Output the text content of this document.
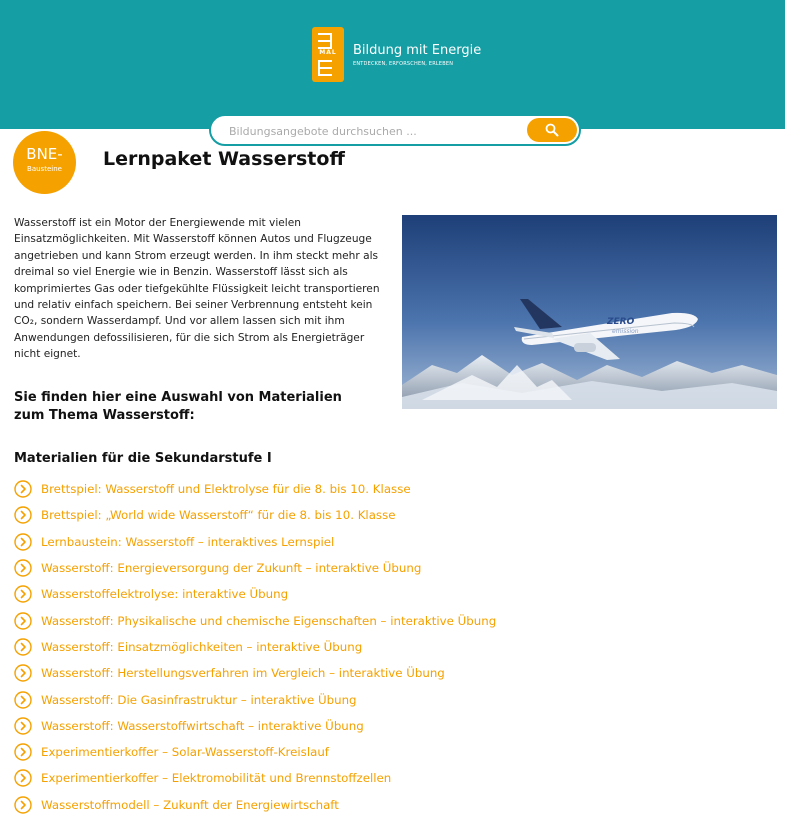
MAL	Bildung mit Energie
ENTDECKEN, ERFORSCHEN, ERLEBEN
Bildungsangebote durchsuchen ...
BNE-
Bausteine	Lernpaket Wasserstoff

Wasserstoff ist ein Motor der Energiewende mit vielen Einsatzmöglichkeiten. Mit Wasserstoff können Autos und Flugzeuge angetrieben und kann Strom erzeugt werden. In ihm steckt mehr als dreimal so viel Energie wie in Benzin. Wasserstoff lässt sich als komprimiertes Gas oder tiefgekühlte Flüssigkeit leicht transportieren und relativ einfach speichern. Bei seiner Verbrennung entsteht kein CO₂, sondern Wasserdampf. Und vor allem lassen sich mit ihm Anwendungen defossilisieren, für die sich Strom als Energieträger nicht eignet.

ZERO
emission
Sie finden hier eine Auswahl von Materialien zum Thema Wasserstoff:
Materialien für die Sekundarstufe I
Brettspiel: Wasserstoff und Elektrolyse für die 8. bis 10. Klasse
Brettspiel: „World wide Wasserstoff“ für die 8. bis 10. Klasse
Lernbaustein: Wasserstoff – interaktives Lernspiel
Wasserstoff: Energieversorgung der Zukunft – interaktive Übung
Wasserstoffelektrolyse: interaktive Übung
Wasserstoff: Physikalische und chemische Eigenschaften – interaktive Übung
Wasserstoff: Einsatzmöglichkeiten – interaktive Übung
Wasserstoff: Herstellungsverfahren im Vergleich – interaktive Übung
Wasserstoff: Die Gasinfrastruktur – interaktive Übung
Wasserstoff: Wasserstoffwirtschaft – interaktive Übung
Experimentierkoffer – Solar-Wasserstoff-Kreislauf
Experimentierkoffer – Elektromobilität und Brennstoffzellen
Wasserstoffmodell – Zukunft der Energiewirtschaft
